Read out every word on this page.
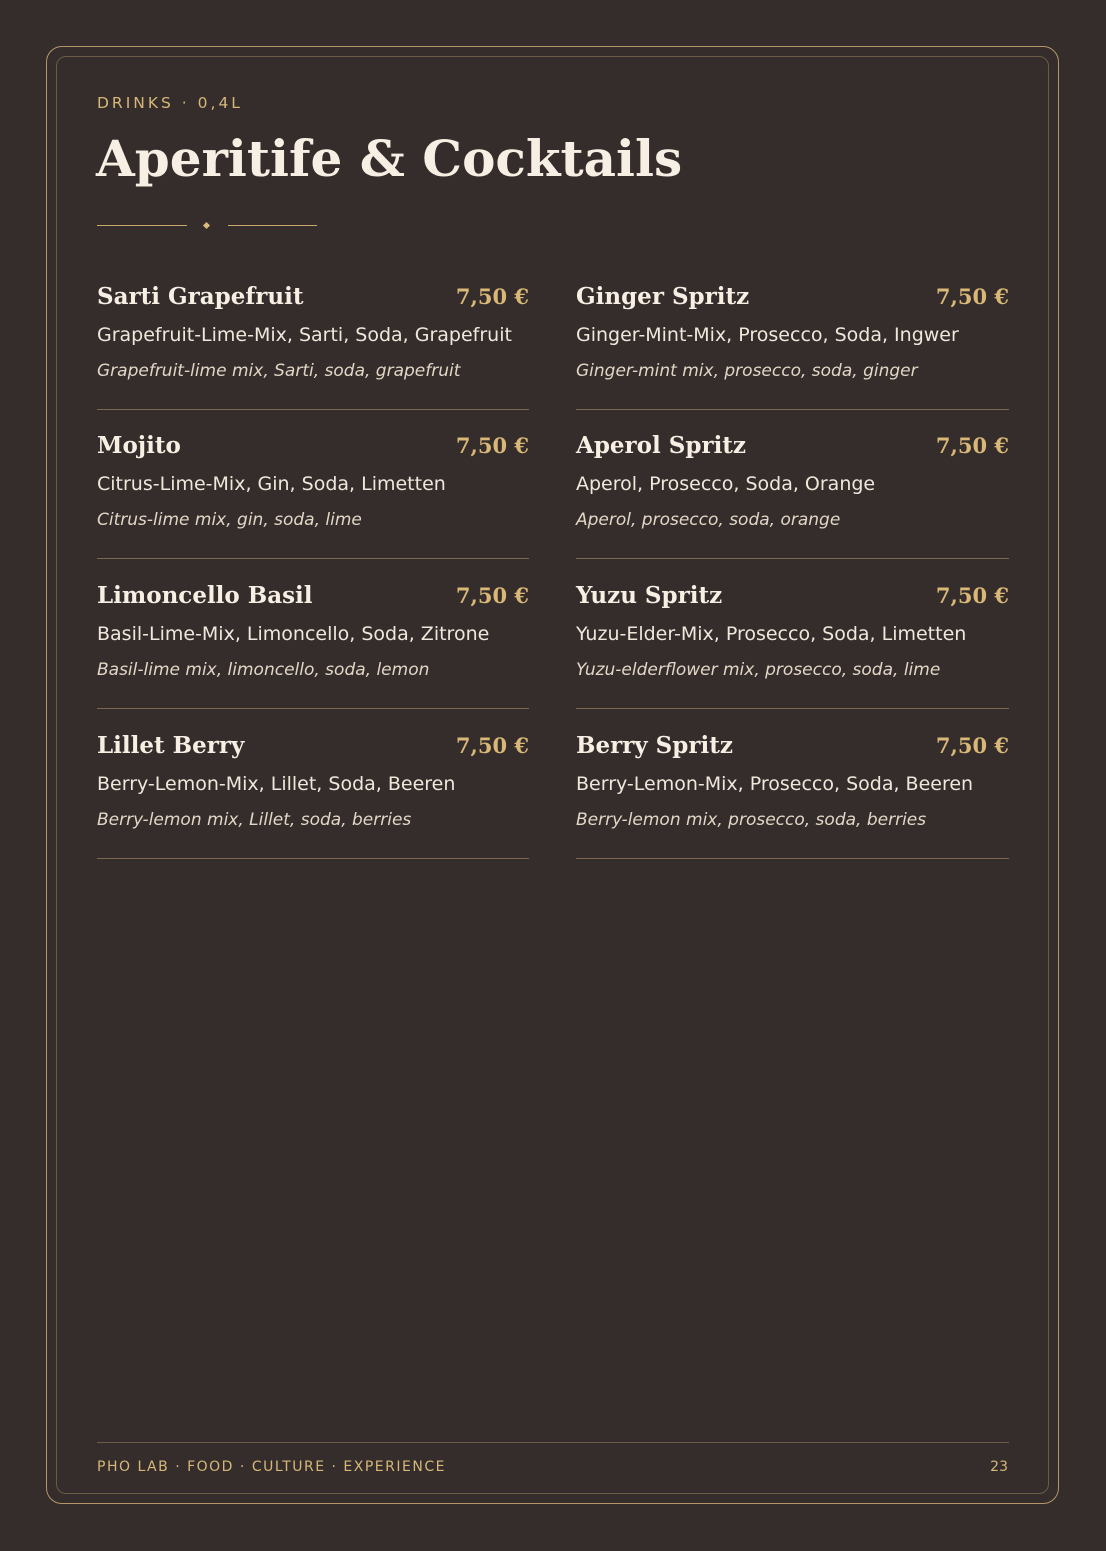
DRINKS · 0,4L
Aperitife & Cocktails
Sarti Grapefruit	7,50 €
Grapefruit-Lime-Mix, Sarti, Soda, Grapefruit
Grapefruit-lime mix, Sarti, soda, grapefruit
Ginger Spritz	7,50 €
Ginger-Mint-Mix, Prosecco, Soda, Ingwer
Ginger-mint mix, prosecco, soda, ginger
Mojito	7,50 €
Citrus-Lime-Mix, Gin, Soda, Limetten
Citrus-lime mix, gin, soda, lime
Aperol Spritz	7,50 €
Aperol, Prosecco, Soda, Orange
Aperol, prosecco, soda, orange
Limoncello Basil	7,50 €
Basil-Lime-Mix, Limoncello, Soda, Zitrone
Basil-lime mix, limoncello, soda, lemon
Yuzu Spritz	7,50 €
Yuzu-Elder-Mix, Prosecco, Soda, Limetten
Yuzu-elderflower mix, prosecco, soda, lime
Lillet Berry	7,50 €
Berry-Lemon-Mix, Lillet, Soda, Beeren
Berry-lemon mix, Lillet, soda, berries
Berry Spritz	7,50 €
Berry-Lemon-Mix, Prosecco, Soda, Beeren
Berry-lemon mix, prosecco, soda, berries
PHO LAB · FOOD · CULTURE · EXPERIENCE	23
